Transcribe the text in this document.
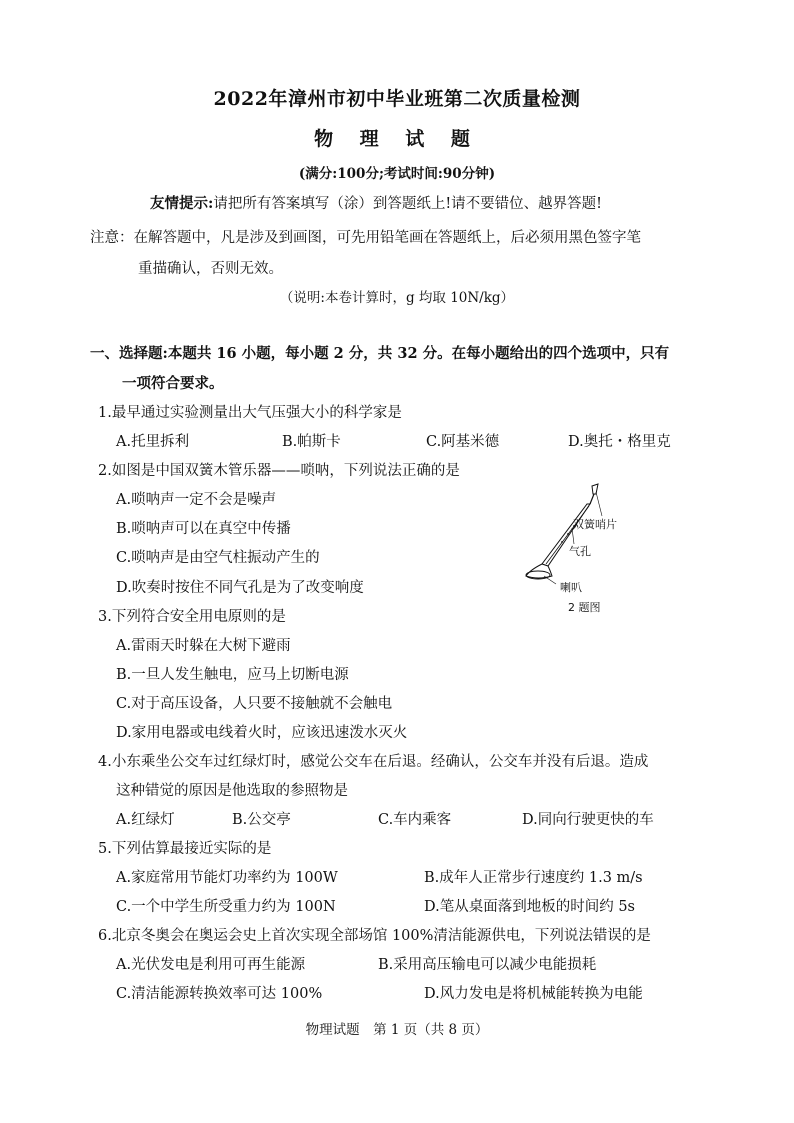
2022年漳州市初中毕业班第二次质量检测
物 理 试 题
(满分:100分;考试时间:90分钟)
友情提示:请把所有答案填写（涂）到答题纸上!请不要错位、越界答题!
注意：在解答题中，凡是涉及到画图，可先用铅笔画在答题纸上，后必须用黑色签字笔
重描确认，否则无效。
（说明:本卷计算时，g 均取 10N/kg）
一、选择题:本题共 16 小题，每小题 2 分，共 32 分。在每小题给出的四个选项中，只有
一项符合要求。
1.最早通过实验测量出大气压强大小的科学家是
A.托里拆利	B.帕斯卡	C.阿基米德	D.奥托・格里克
2.如图是中国双簧木管乐器——唢呐，下列说法正确的是
A.唢呐声一定不会是噪声
B.唢呐声可以在真空中传播
C.唢呐声是由空气柱振动产生的
D.吹奏时按住不同气孔是为了改变响度
双簧哨片
气孔
喇叭
2 题图
3.下列符合安全用电原则的是
A.雷雨天时躲在大树下避雨
B.一旦人发生触电，应马上切断电源
C.对于高压设备，人只要不接触就不会触电
D.家用电器或电线着火时，应该迅速泼水灭火
4.小东乘坐公交车过红绿灯时，感觉公交车在后退。经确认，公交车并没有后退。造成
这种错觉的原因是他选取的参照物是
A.红绿灯	B.公交亭	C.车内乘客	D.同向行驶更快的车
5.下列估算最接近实际的是
A.家庭常用节能灯功率约为 100W	B.成年人正常步行速度约 1.3 m/s
C.一个中学生所受重力约为 100N	D.笔从桌面落到地板的时间约 5s
6.北京冬奥会在奥运会史上首次实现全部场馆 100%清洁能源供电，下列说法错误的是
A.光伏发电是利用可再生能源	B.采用高压输电可以减少电能损耗
C.清洁能源转换效率可达 100%	D.风力发电是将机械能转换为电能
物理试题　第 1 页（共 8 页）
